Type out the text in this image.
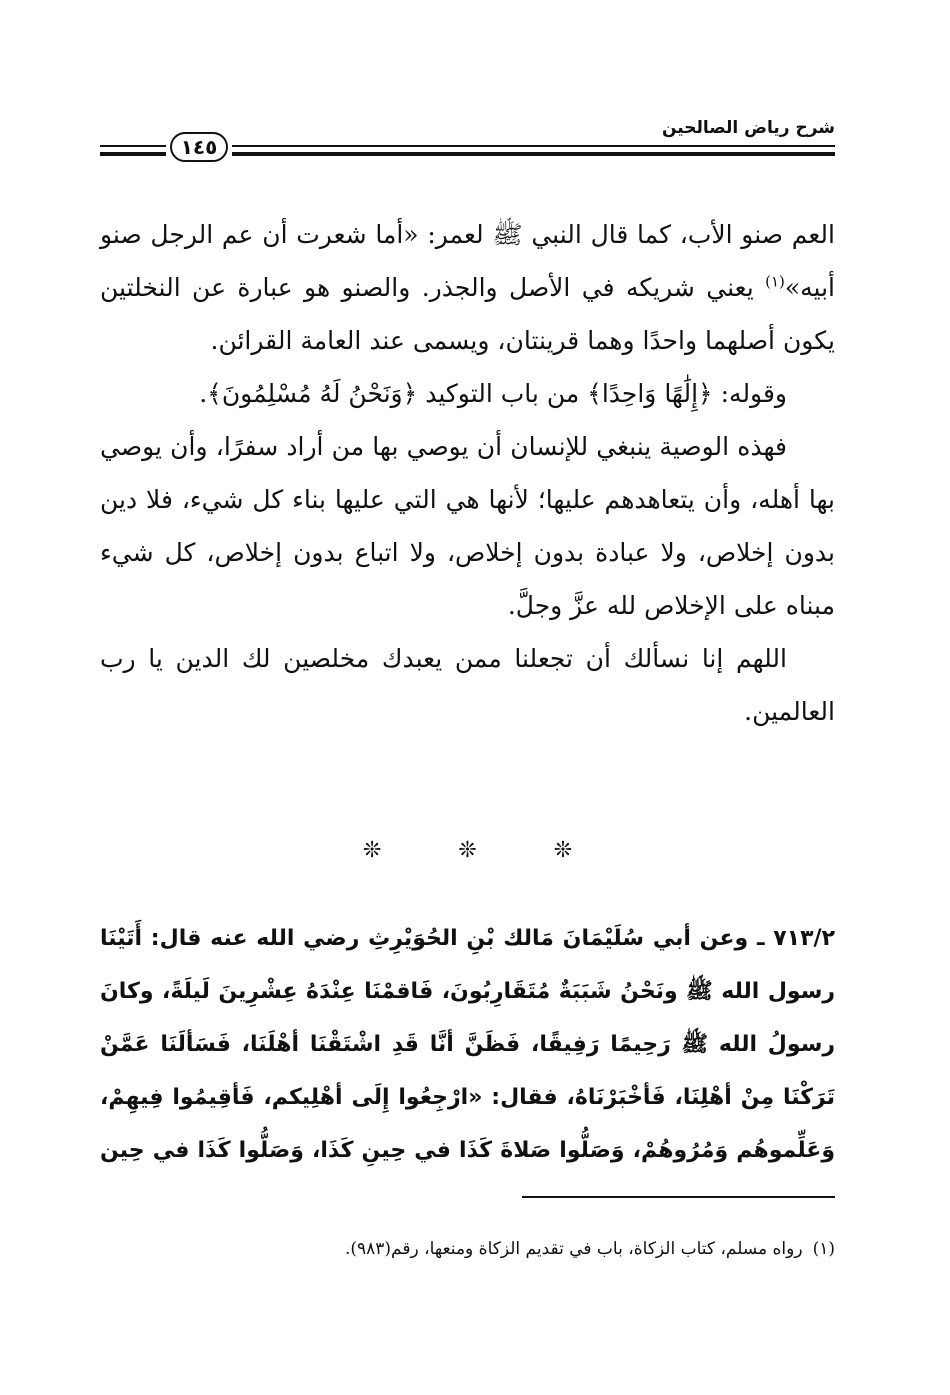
شرح رياض الصالحين
١٤٥

العم صنو الأب، كما قال النبي ﷺ لعمر: «أما شعرت أن عم الرجل صنو أبيه»$^{(١)}$ يعني شريكه في الأصل والجذر. والصنو هو عبارة عن النخلتين يكون أصلهما واحدًا وهما قرينتان، ويسمى عند العامة القرائن.

وقوله: ﴿إِلَٰهًا وَاحِدًا﴾ من باب التوكيد ﴿وَنَحْنُ لَهُ مُسْلِمُونَ﴾.

فهذه الوصية ينبغي للإنسان أن يوصي بها من أراد سفرًا، وأن يوصي بها أهله، وأن يتعاهدهم عليها؛ لأنها هي التي عليها بناء كل شيء، فلا دين بدون إخلاص، ولا عبادة بدون إخلاص، ولا اتباع بدون إخلاص، كل شيء مبناه على الإخلاص لله عزَّ وجلَّ.

اللهم إنا نسألك أن تجعلنا ممن يعبدك مخلصين لك الدين يا رب العالمين.

❊ ❊ ❊

٧١٣/٢ ـ وعن أبي سُلَيْمَانَ مَالك بْنِ الحُوَيْرِثِ رضي الله عنه قال: أَتَيْنَا رسول الله ﷺ ونَحْنُ شَبَبَةٌ مُتَقَارِبُونَ، فَاقمْنَا عِنْدَهُ عِشْرِينَ لَيلَةً، وكانَ رسولُ الله ﷺ رَحِيمًا رَفِيقًا، فَظَنَّ أنَّا قَدِ اشْتَقْنَا أهْلَنَا، فَسَألَنَا عَمَّنْ تَرَكْنَا مِنْ أهْلِنَا، فَأخْبَرْنَاهُ، فقال: «ارْجِعُوا إِلَى أهْلِيكم، فَأقِيمُوا فِيهِمْ، وَعَلِّموهُم وَمُرُوهُمْ، وَصَلُّوا صَلاةَ كَذَا في حِينِ كَذَا، وَصَلُّوا كَذَا في حِين

(١)رواه مسلم، كتاب الزكاة، باب في تقديم الزكاة ومنعها، رقم(٩٨٣).
